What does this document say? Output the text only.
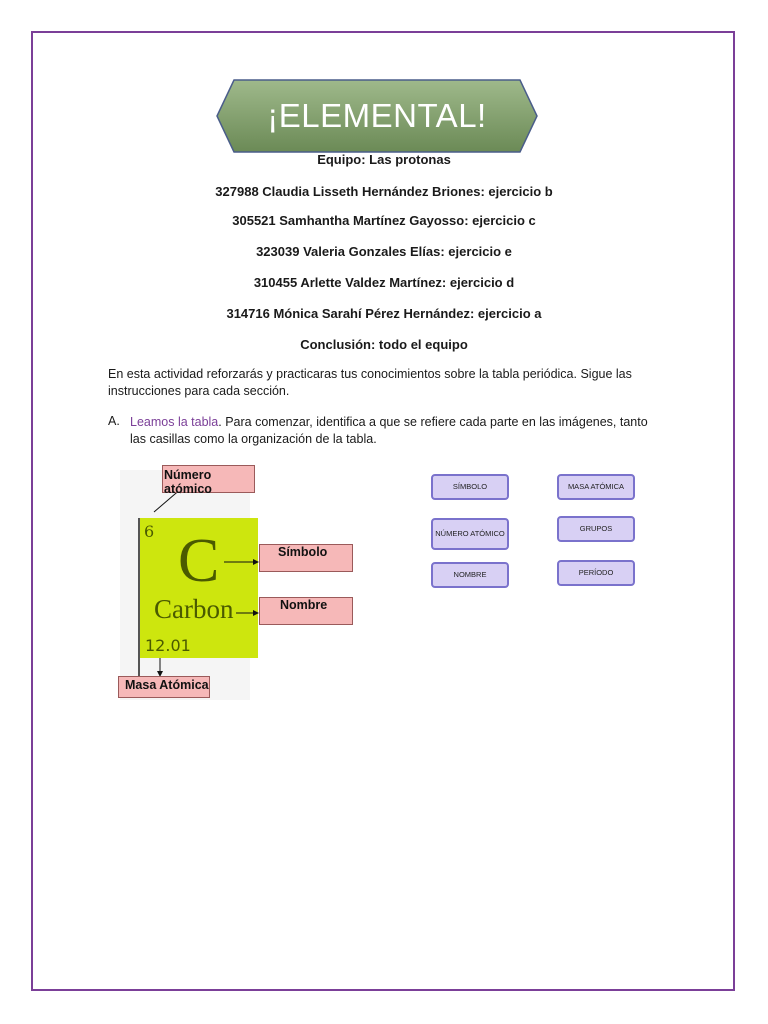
¡ELEMENTAL!
Equipo: Las protonas
327988 Claudia Lisseth Hernández Briones: ejercicio b
305521 Samhantha Martínez Gayosso: ejercicio c
323039 Valeria Gonzales Elías: ejercicio e
310455 Arlette Valdez Martínez: ejercicio d
314716 Mónica Sarahí Pérez Hernández: ejercicio a
Conclusión: todo el equipo
En esta actividad reforzarás y practicaras tus conocimientos sobre la tabla periódica. Sigue las
instrucciones para cada sección.
A. Leamos la tabla. Para comenzar, identifica a que se refiere cada parte en las imágenes, tanto
las casillas como la organización de la tabla.
6 C
Carbon
12.01
Número atómico
Símbolo
Nombre
Masa Atómica
SÍMBOLO	MASA ATÓMICA
NÚMERO ATÓMICO
GRUPOS
NOMBRE	PERÍODO
